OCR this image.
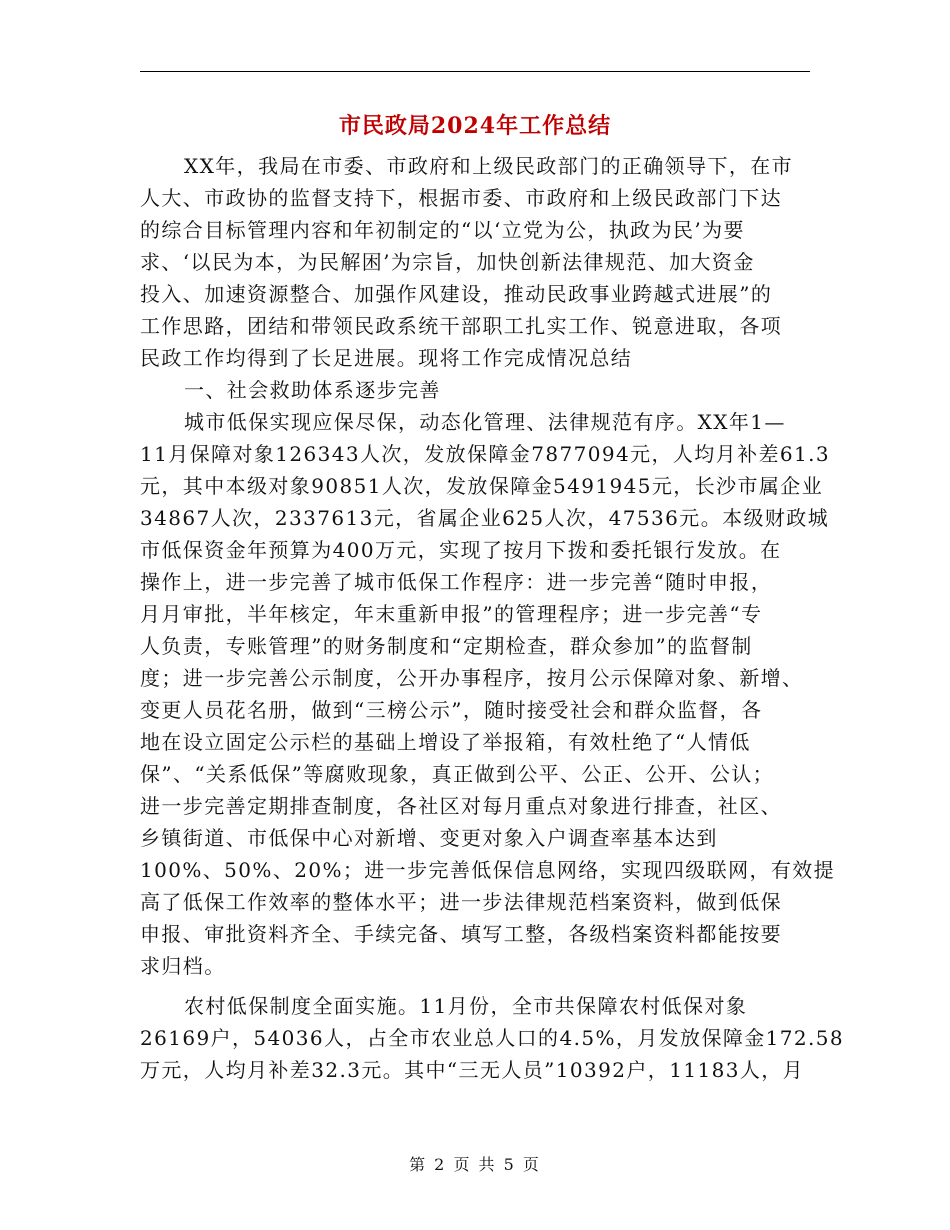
市民政局2024年工作总结
XX年，我局在市委、市政府和上级民政部门的正确领导下，在市
人大、市政协的监督支持下，根据市委、市政府和上级民政部门下达
的综合目标管理内容和年初制定的“以‘立党为公，执政为民’为要
求、‘以民为本，为民解困’为宗旨，加快创新法律规范、加大资金
投入、加速资源整合、加强作风建设，推动民政事业跨越式进展”的
工作思路，团结和带领民政系统干部职工扎实工作、锐意进取，各项
民政工作均得到了长足进展。现将工作完成情况总结
一、社会救助体系逐步完善
城市低保实现应保尽保，动态化管理、法律规范有序。XX年1—
11月保障对象126343人次，发放保障金7877094元，人均月补差61.3
元，其中本级对象90851人次，发放保障金5491945元，长沙市属企业
34867人次，2337613元，省属企业625人次，47536元。本级财政城
市低保资金年预算为400万元，实现了按月下拨和委托银行发放。在
操作上，进一步完善了城市低保工作程序：进一步完善“随时申报，
月月审批，半年核定，年末重新申报”的管理程序；进一步完善“专
人负责，专账管理”的财务制度和“定期检查，群众参加”的监督制
度；进一步完善公示制度，公开办事程序，按月公示保障对象、新增、
变更人员花名册，做到“三榜公示”，随时接受社会和群众监督，各
地在设立固定公示栏的基础上增设了举报箱，有效杜绝了“人情低
保”、“关系低保”等腐败现象，真正做到公平、公正、公开、公认；
进一步完善定期排查制度，各社区对每月重点对象进行排查，社区、
乡镇街道、市低保中心对新增、变更对象入户调查率基本达到
100%、50%、20%；进一步完善低保信息网络，实现四级联网，有效提
高了低保工作效率的整体水平；进一步法律规范档案资料，做到低保
申报、审批资料齐全、手续完备、填写工整，各级档案资料都能按要
求归档。
农村低保制度全面实施。11月份，全市共保障农村低保对象
26169户，54036人，占全市农业总人口的4.5%，月发放保障金172.58
万元，人均月补差32.3元。其中“三无人员”10392户，11183人，月
第 2 页 共 5 页
